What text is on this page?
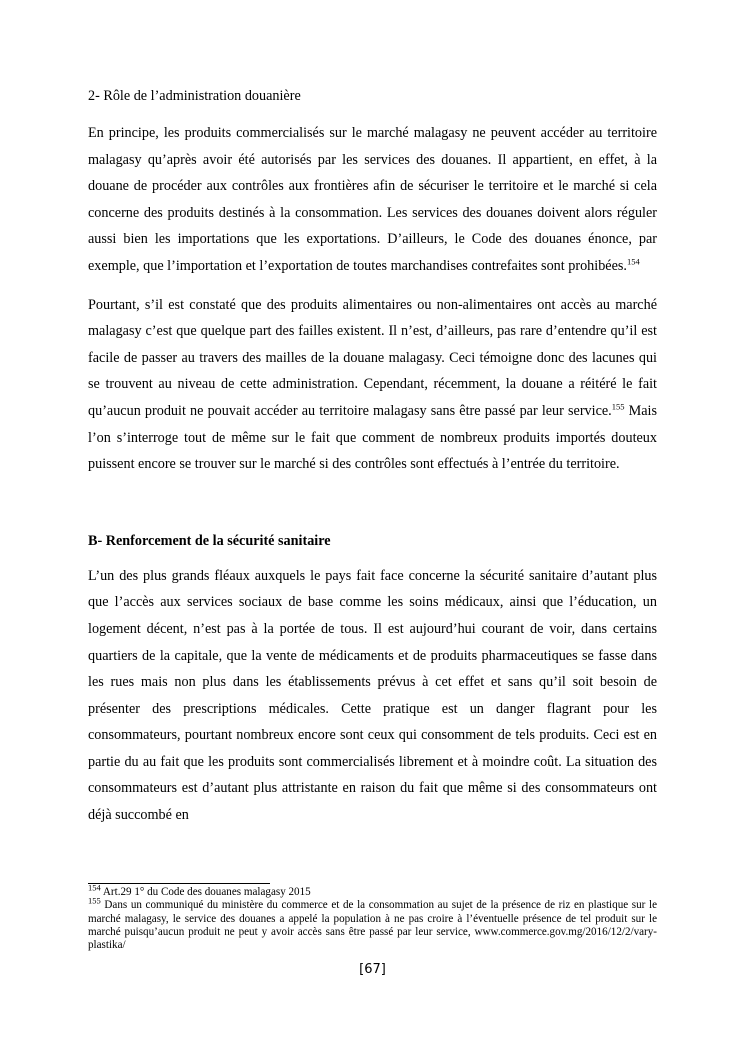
2- Rôle de l’administration douanière

En principe, les produits commercialisés sur le marché malagasy ne peuvent accéder au territoire malagasy qu’après avoir été autorisés par les services des douanes. Il appartient, en effet, à la douane de procéder aux contrôles aux frontières afin de sécuriser le territoire et le marché si cela concerne des produits destinés à la consommation. Les services des douanes doivent alors réguler aussi bien les importations que les exportations. D’ailleurs, le Code des douanes énonce, par exemple, que l’importation et l’exportation de toutes marchandises contrefaites sont prohibées.$^{154}$

Pourtant, s’il est constaté que des produits alimentaires ou non-alimentaires ont accès au marché malagasy c’est que quelque part des failles existent. Il n’est, d’ailleurs, pas rare d’entendre qu’il est facile de passer au travers des mailles de la douane malagasy. Ceci témoigne donc des lacunes qui se trouvent au niveau de cette administration. Cependant, récemment, la douane a réitéré le fait qu’aucun produit ne pouvait accéder au territoire malagasy sans être passé par leur service.$^{155}$ Mais l’on s’interroge tout de même sur le fait que comment de nombreux produits importés douteux puissent encore se trouver sur le marché si des contrôles sont effectués à l’entrée du territoire.

B- Renforcement de la sécurité sanitaire

L’un des plus grands fléaux auxquels le pays fait face concerne la sécurité sanitaire d’autant plus que l’accès aux services sociaux de base comme les soins médicaux, ainsi que l’éducation, un logement décent, n’est pas à la portée de tous. Il est aujourd’hui courant de voir, dans certains quartiers de la capitale, que la vente de médicaments et de produits pharmaceutiques se fasse dans les rues mais non plus dans les établissements prévus à cet effet et sans qu’il soit besoin de présenter des prescriptions médicales. Cette pratique est un danger flagrant pour les consommateurs, pourtant nombreux encore sont ceux qui consomment de tels produits. Ceci est en partie du au fait que les produits sont commercialisés librement et à moindre coût. La situation des consommateurs est d’autant plus attristante en raison du fait que même si des consommateurs ont déjà succombé en

$^{154}$ Art.29 1° du Code des douanes malagasy 2015

$^{155}$ Dans un communiqué du ministère du commerce et de la consommation au sujet de la présence de riz en plastique sur le marché malagasy, le service des douanes a appelé la population à ne pas croire à l’éventuelle présence de tel produit sur le marché puisqu’aucun produit ne peut y avoir accès sans être passé par leur service, www.commerce.gov.mg/2016/12/2/vary-plastika/

[67]
